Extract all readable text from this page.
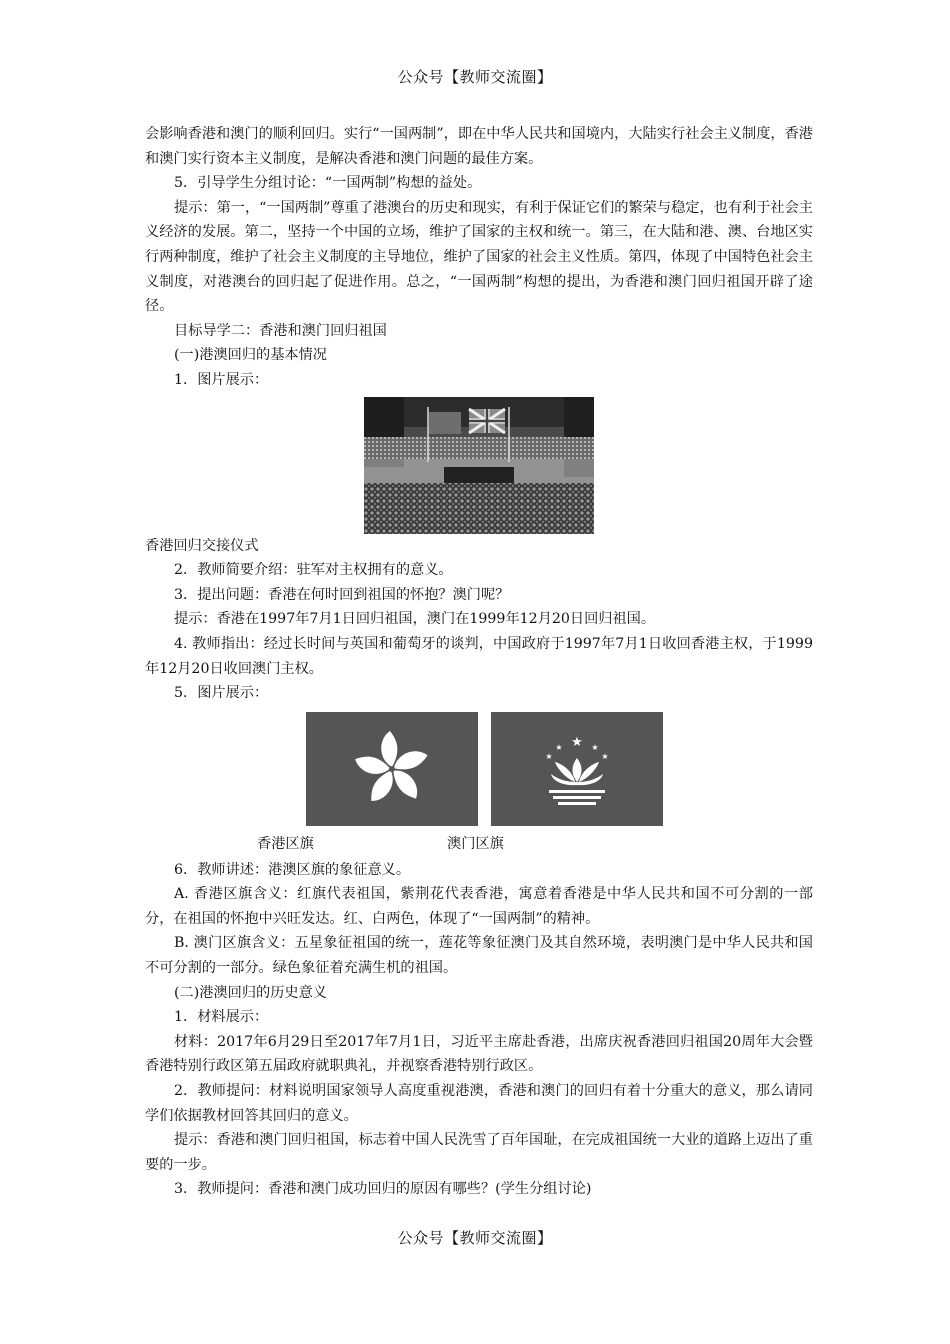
公众号【教师交流圈】

会影响香港和澳门的顺利回归。实行“一国两制”，即在中华人民共和国境内，大陆实行社会主义制度，香港和澳门实行资本主义制度，是解决香港和澳门问题的最佳方案。

5．引导学生分组讨论：“一国两制”构想的益处。

提示：第一，“一国两制”尊重了港澳台的历史和现实，有利于保证它们的繁荣与稳定，也有利于社会主义经济的发展。第二，坚持一个中国的立场，维护了国家的主权和统一。第三，在大陆和港、澳、台地区实行两种制度，维护了社会主义制度的主导地位，维护了国家的社会主义性质。第四，体现了中国特色社会主义制度，对港澳台的回归起了促进作用。总之，“一国两制”构想的提出，为香港和澳门回归祖国开辟了途径。

目标导学二：香港和澳门回归祖国

(一)港澳回归的基本情况

1．图片展示：

香港回归交接仪式

2．教师简要介绍：驻军对主权拥有的意义。

3．提出问题：香港在何时回到祖国的怀抱？澳门呢？

提示：香港在1997年7月1日回归祖国，澳门在1999年12月20日回归祖国。

4. 教师指出：经过长时间与英国和葡萄牙的谈判，中国政府于1997年7月1日收回香港主权，于1999年12月20日收回澳门主权。

5．图片展示：

★
★	★
★	★
香港区旗	澳门区旗

6．教师讲述：港澳区旗的象征意义。

A. 香港区旗含义：红旗代表祖国，紫荆花代表香港，寓意着香港是中华人民共和国不可分割的一部分，在祖国的怀抱中兴旺发达。红、白两色，体现了“一国两制”的精神。

B. 澳门区旗含义：五星象征祖国的统一，莲花等象征澳门及其自然环境，表明澳门是中华人民共和国不可分割的一部分。绿色象征着充满生机的祖国。

(二)港澳回归的历史意义

1．材料展示：

材料：2017年6月29日至2017年7月1日，习近平主席赴香港，出席庆祝香港回归祖国20周年大会暨香港特别行政区第五届政府就职典礼，并视察香港特别行政区。

2．教师提问：材料说明国家领导人高度重视港澳，香港和澳门的回归有着十分重大的意义，那么请同学们依据教材回答其回归的意义。

提示：香港和澳门回归祖国，标志着中国人民洗雪了百年国耻，在完成祖国统一大业的道路上迈出了重要的一步。

3．教师提问：香港和澳门成功回归的原因有哪些？(学生分组讨论)

公众号【教师交流圈】
